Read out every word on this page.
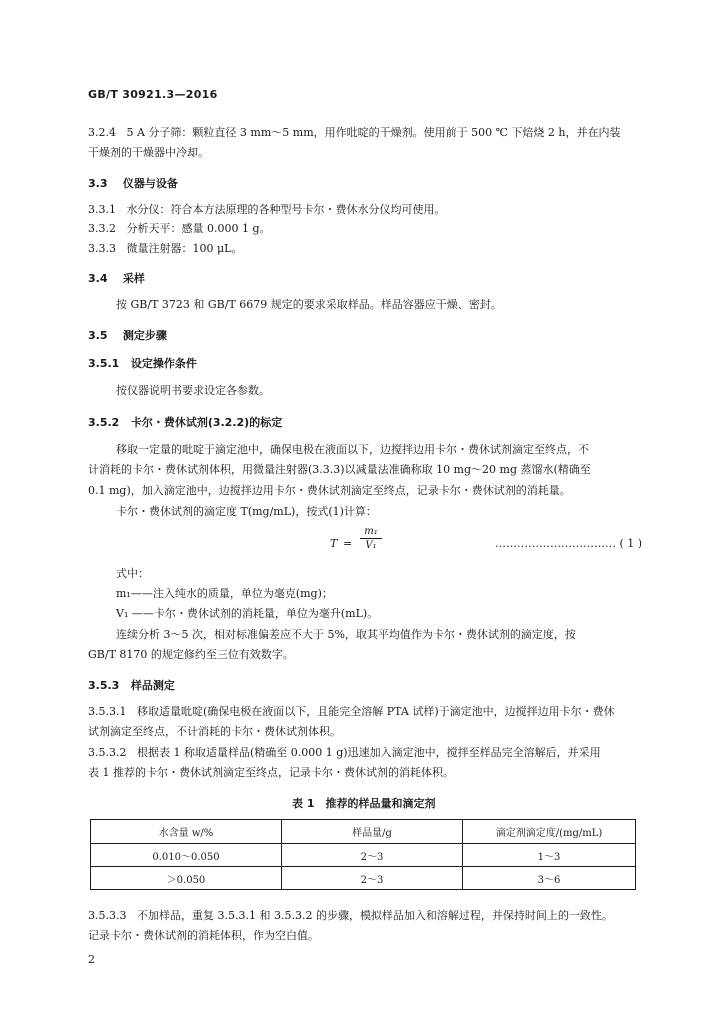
GB/T 30921.3—2016
3.2.4 5 A 分子筛：颗粒直径 3 mm～5 mm，用作吡啶的干燥剂。使用前于 500 ℃ 下焙烧 2 h，并在内装
干燥剂的干燥器中冷却。
3.3 仪器与设备
3.3.1 水分仪：符合本方法原理的各种型号卡尔・费休水分仪均可使用。
3.3.2 分析天平：感量 0.000 1 g。
3.3.3 微量注射器：100 μL。
3.4 采样
按 GB/T 3723 和 GB/T 6679 规定的要求采取样品。样品容器应干燥、密封。
3.5 测定步骤
3.5.1 设定操作条件
按仪器说明书要求设定各参数。
3.5.2 卡尔・费休试剂(3.2.2)的标定
移取一定量的吡啶于滴定池中，确保电极在液面以下，边搅拌边用卡尔・费休试剂滴定至终点，不
计消耗的卡尔・费休试剂体积，用微量注射器(3.3.3)以减量法准确称取 10 mg～20 mg 蒸馏水(精确至
0.1 mg)，加入滴定池中，边搅拌边用卡尔・费休试剂滴定至终点，记录卡尔・费休试剂的消耗量。
卡尔・费休试剂的滴定度 T(mg/mL)，按式(1)计算：
T =
m₁
V₁	…………………………… ( 1 )
式中：
m₁——注入纯水的质量，单位为毫克(mg)；
V₁ ——卡尔・费休试剂的消耗量，单位为毫升(mL)。
连续分析 3～5 次，相对标准偏差应不大于 5%，取其平均值作为卡尔・费休试剂的滴定度，按
GB/T 8170 的规定修约至三位有效数字。
3.5.3 样品测定
3.5.3.1 移取适量吡啶(确保电极在液面以下，且能完全溶解 PTA 试样)于滴定池中，边搅拌边用卡尔・费休
试剂滴定至终点，不计消耗的卡尔・费休试剂体积。
3.5.3.2 根据表 1 称取适量样品(精确至 0.000 1 g)迅速加入滴定池中，搅拌至样品完全溶解后，并采用
表 1 推荐的卡尔・费休试剂滴定至终点，记录卡尔・费休试剂的消耗体积。
表 1　推荐的样品量和滴定剂
水含量 w/%	样品量/g	滴定剂滴定度/(mg/mL)
0.010～0.050	2～3	1～3
＞0.050	2～3	3～6
3.5.3.3 不加样品，重复 3.5.3.1 和 3.5.3.2 的步骤，模拟样品加入和溶解过程，并保持时间上的一致性。
记录卡尔・费休试剂的消耗体积，作为空白值。
2
